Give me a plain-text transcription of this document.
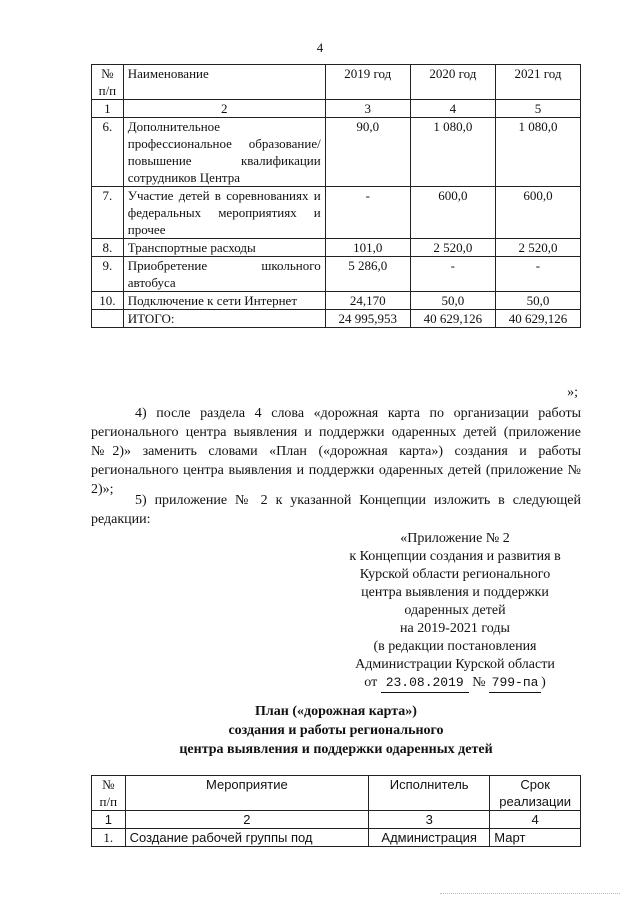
4
№ п/п	Наименование	2019 год	2020 год	2021 год
1	2	3	4	5
6.	Дополнительное профессиональное образование/повышение квалификации сотрудников Центра	90,0	1 080,0	1 080,0
7.	Участие детей в соревнованиях и федеральных мероприятиях и прочее	-	600,0	600,0
8.	Транспортные расходы	101,0	2 520,0	2 520,0
9.	Приобретение школьного автобуса	5 286,0	-	-
10.	Подключение к сети Интернет	24,170	50,0	50,0
	ИТОГО:	24 995,953	40 629,126	40 629,126
»;
4) после раздела 4 слова «дорожная карта по организации работы регионального центра выявления и поддержки одаренных детей (приложение №2)» заменить словами «План («дорожная карта») создания и работы регионального центра выявления и поддержки одаренных детей (приложение № 2)»;
5) приложение № 2 к указанной Концепции изложить в следующей редакции:
«Приложение № 2
к Концепции создания и развития в
Курской области регионального
центра выявления и поддержки
одаренных детей
на 2019-2021 годы
(в редакции постановления
Администрации Курской области
от 23.08.2019 № 799-па )
План («дорожная карта»)
создания и работы регионального
центра выявления и поддержки одаренных детей
№ п/п	Мероприятие	Исполнитель	Срок реализации
1	2	3	4
1.	Создание рабочей группы под	Администрация	Март
